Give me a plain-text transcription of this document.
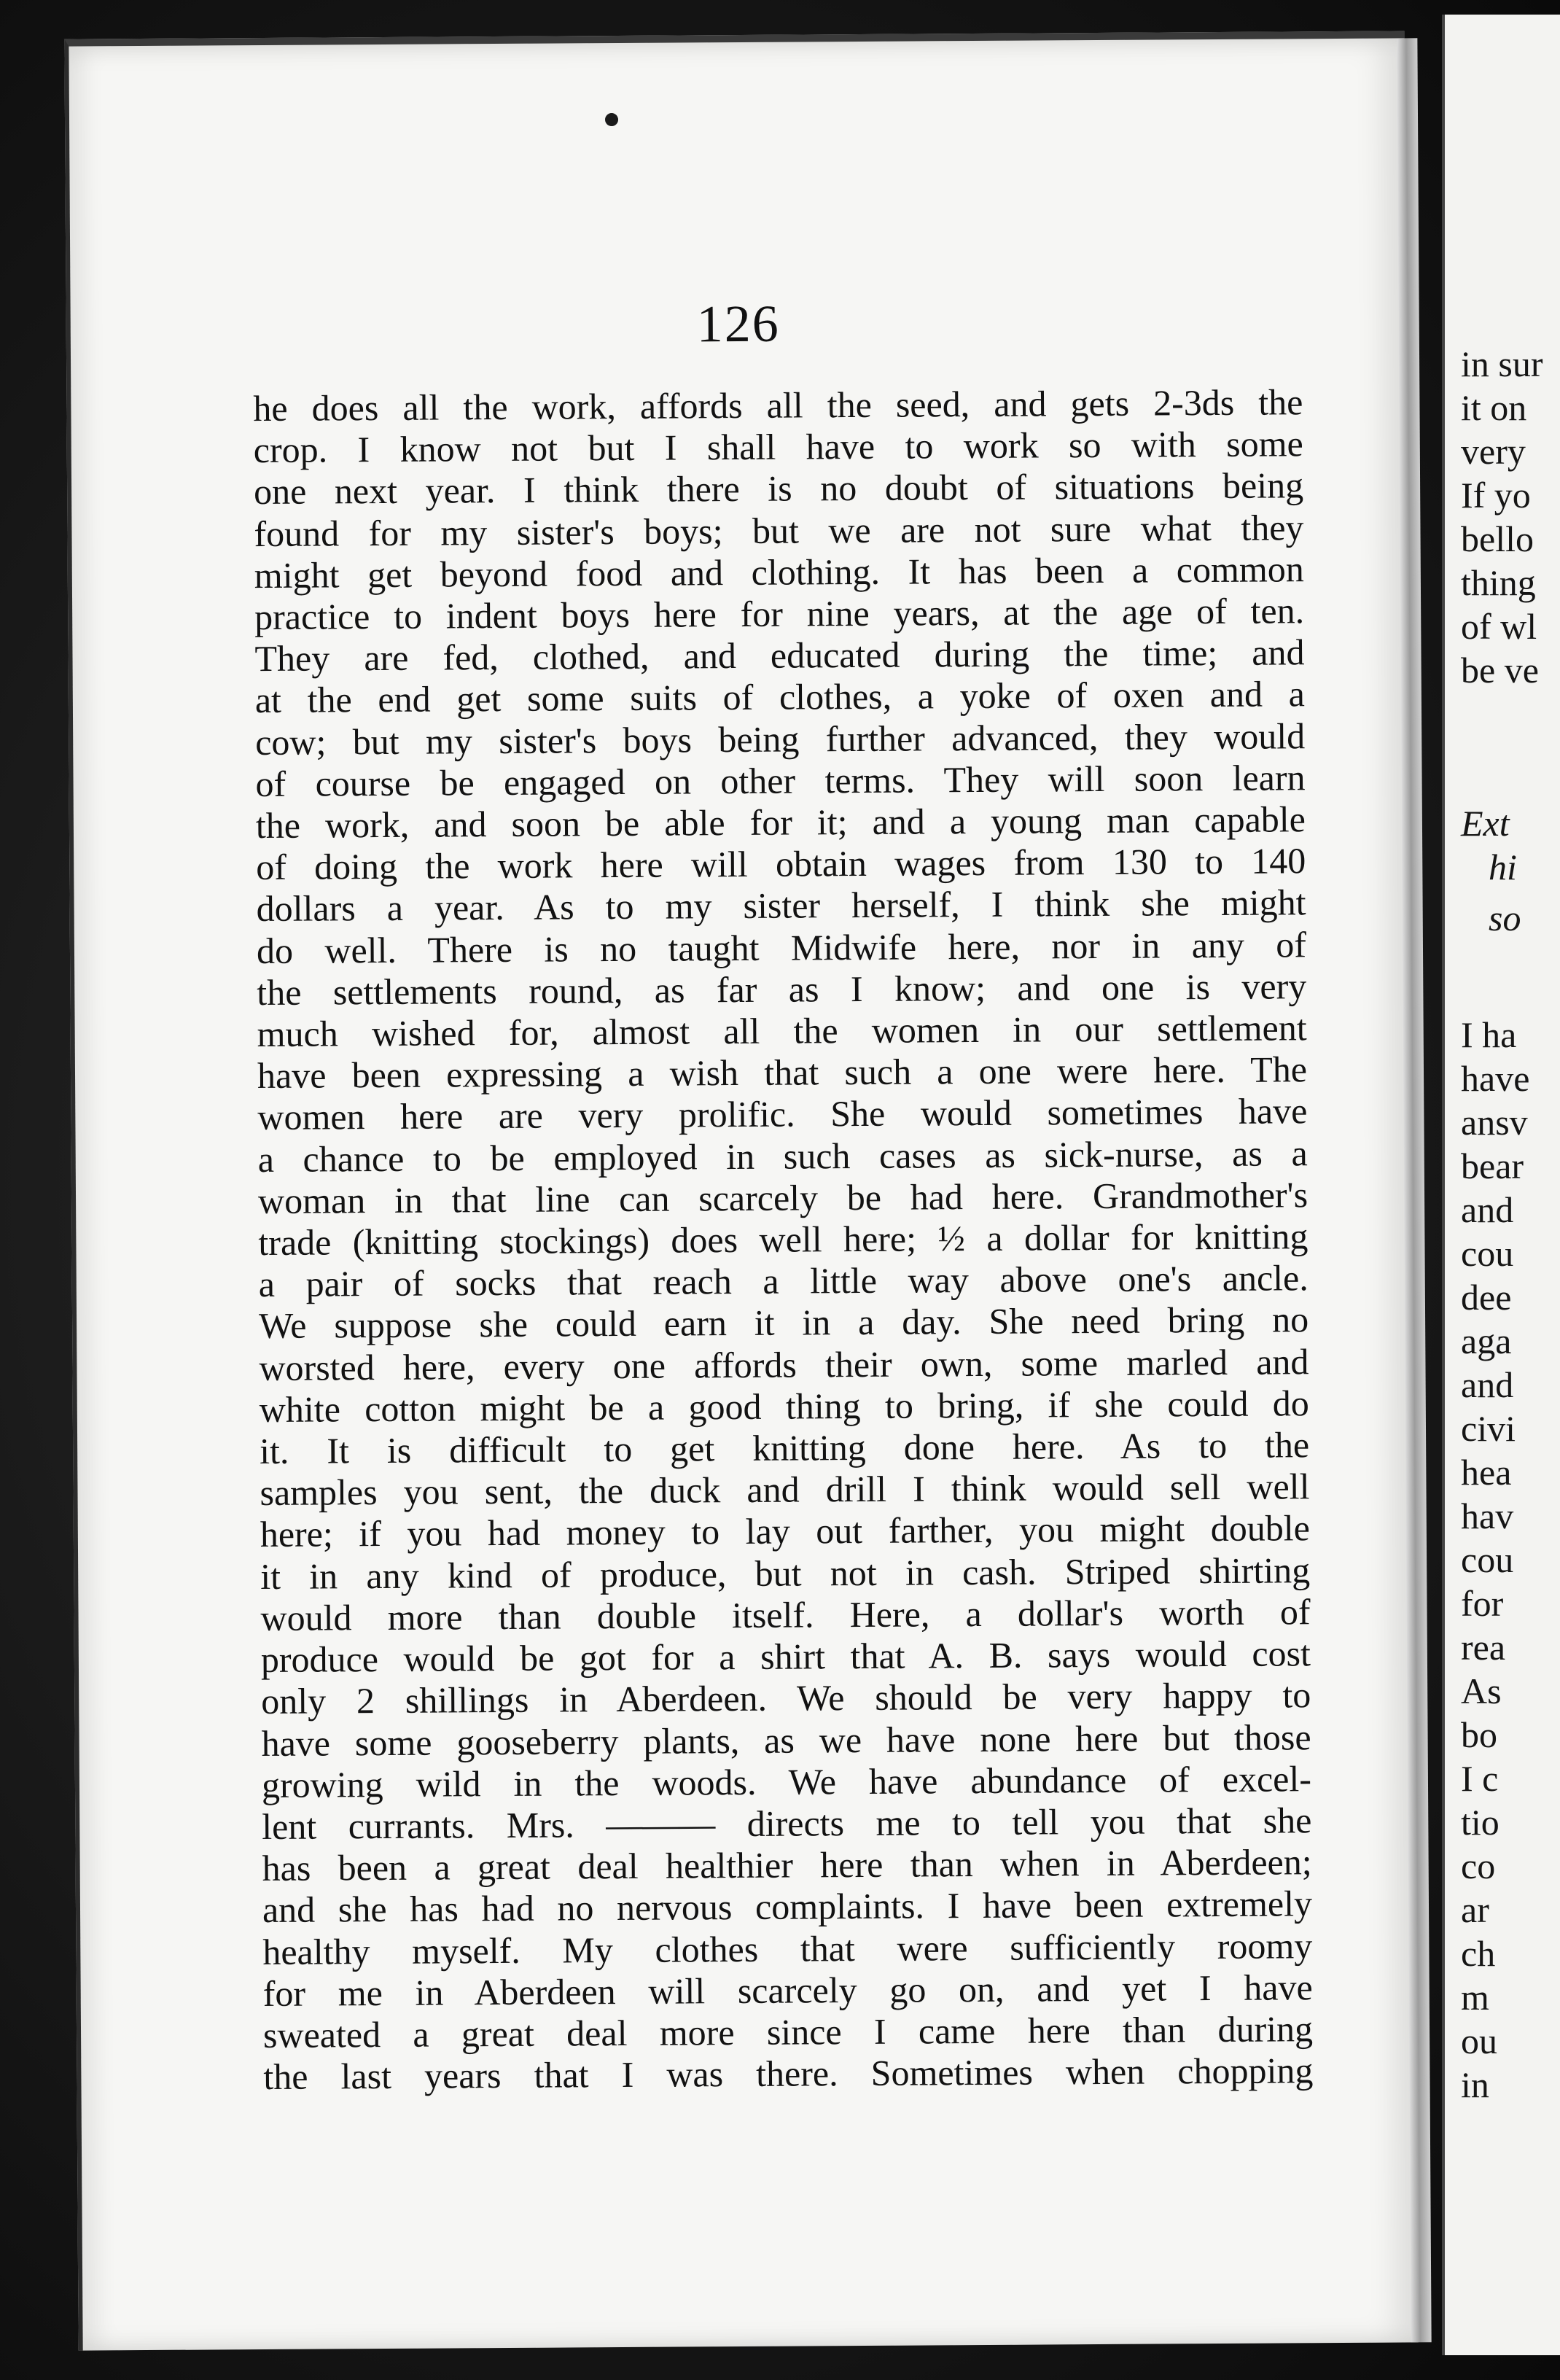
126
he does all the work, affords all the seed, and gets 2-3ds the
crop. I know not but I shall have to work so with some
one next year. I think there is no doubt of situations being
found for my sister's boys; but we are not sure what they
might get beyond food and clothing. It has been a common
practice to indent boys here for nine years, at the age of ten.
They are fed, clothed, and educated during the time; and
at the end get some suits of clothes, a yoke of oxen and a
cow; but my sister's boys being further advanced, they would
of course be engaged on other terms. They will soon learn
the work, and soon be able for it; and a young man capable
of doing the work here will obtain wages from 130 to 140
dollars a year. As to my sister herself, I think she might
do well. There is no taught Midwife here, nor in any of
the settlements round, as far as I know; and one is very
much wished for, almost all the women in our settlement
have been expressing a wish that such a one were here. The
women here are very prolific. She would sometimes have
a chance to be employed in such cases as sick-nurse, as a
woman in that line can scarcely be had here. Grandmother's
trade (knitting stockings) does well here; ½ a dollar for knitting
a pair of socks that reach a little way above one's ancle.
We suppose she could earn it in a day. She need bring no
worsted here, every one affords their own, some marled and
white cotton might be a good thing to bring, if she could do
it. It is difficult to get knitting done here. As to the
samples you sent, the duck and drill I think would sell well
here; if you had money to lay out farther, you might double
it in any kind of produce, but not in cash. Striped shirting
would more than double itself. Here, a dollar's worth of
produce would be got for a shirt that A. B. says would cost
only 2 shillings in Aberdeen. We should be very happy to
have some gooseberry plants, as we have none here but those
growing wild in the woods. We have abundance of excel-
lent currants. Mrs. ——— directs me to tell you that she
has been a great deal healthier here than when in Aberdeen;
and she has had no nervous complaints. I have been extremely
healthy myself. My clothes that were sufficiently roomy
for me in Aberdeen will scarcely go on, and yet I have
sweated a great deal more since I came here than during
the last years that I was there. Sometimes when chopping
in sur
it on
very
If yo
bello
thing
of wl
be ve
Ext
hi
so
I ha
have
ansv
bear
and
cou
dee
aga
and
civi
hea
hav
cou
for
rea
As
bo
I c
tio
co
ar
ch
m
ou
in
